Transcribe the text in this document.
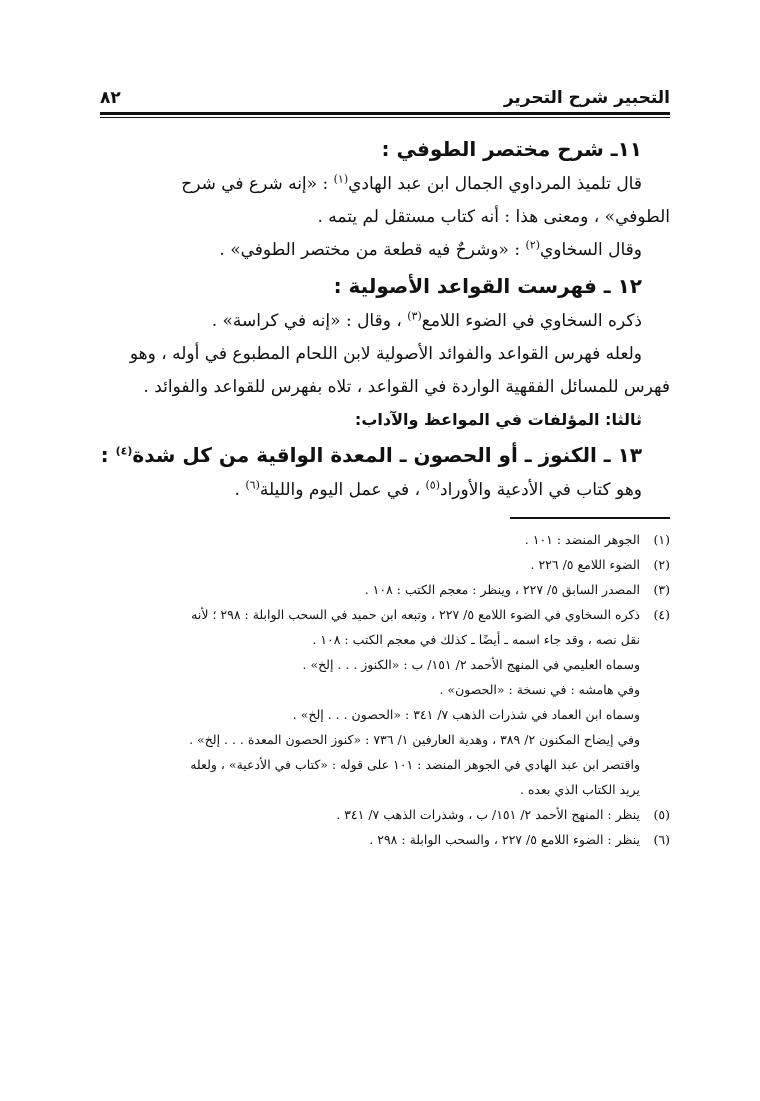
التحبير شرح التحرير
٨٢
١١ـ شرح مختصر الطوفي :
قال تلميذ المرداوي الجمال ابن عبد الهادي$^{(١)}$ : «إنه شرع في شرح
الطوفي» ، ومعنى هذا : أنه كتاب مستقل لم يتمه .
وقال السخاوي$^{(٢)}$ : «وشرحٌ فيه قطعة من مختصر الطوفي» .
١٢ ـ فهرست القواعد الأصولية :
ذكره السخاوي في الضوء اللامع$^{(٣)}$ ، وقال : «إنه في كراسة» .
ولعله فهرس القواعد والفوائد الأصولية لابن اللحام المطبوع في أوله ، وهو
فهرس للمسائل الفقهية الواردة في القواعد ، تلاه بفهرس للقواعد والفوائد .
ثالثا: المؤلفات في المواعظ والآداب:
١٣ ـ الكنوز ـ أو الحصون ـ المعدة الواقية من كل شدة$^{(٤)}$ :
وهو كتاب في الأدعية والأوراد$^{(٥)}$ ، في عمل اليوم والليلة$^{(٦)}$ .
(١)
الجوهر المنضد : ١٠١ .
(٢)
الضوء اللامع ٥/ ٢٢٦ .
(٣)
المصدر السابق ٥/ ٢٢٧ ، وينظر : معجم الكتب : ١٠٨ .
(٤)
ذكره السخاوي في الضوء اللامع ٥/ ٢٢٧ ، وتبعه ابن حميد في السحب الوابلة : ٢٩٨ ؛ لأنه
نقل نصه ، وقد جاء اسمه ـ أيضًا ـ كذلك في معجم الكتب : ١٠٨ .
وسماه العليمي في المنهج الأحمد ٢/ ١٥١/ ب : «الكنوز . . . إلخ» .
وفي هامشه : في نسخة : «الحصون» .
وسماه ابن العماد في شذرات الذهب ٧/ ٣٤١ : «الحصون . . . إلخ» .
وفي إيضاح المكنون ٢/ ٣٨٩ ، وهدية العارفين ١/ ٧٣٦ : «كنوز الحصون المعدة . . . إلخ» .
واقتصر ابن عبد الهادي في الجوهر المنضد : ١٠١ على قوله : «كتاب في الأدعية» ، ولعله
يريد الكتاب الذي بعده .
(٥)
ينظر : المنهج الأحمد ٢/ ١٥١/ ب ، وشذرات الذهب ٧/ ٣٤١ .
(٦)
ينظر : الضوء اللامع ٥/ ٢٢٧ ، والسحب الوابلة : ٢٩٨ .
